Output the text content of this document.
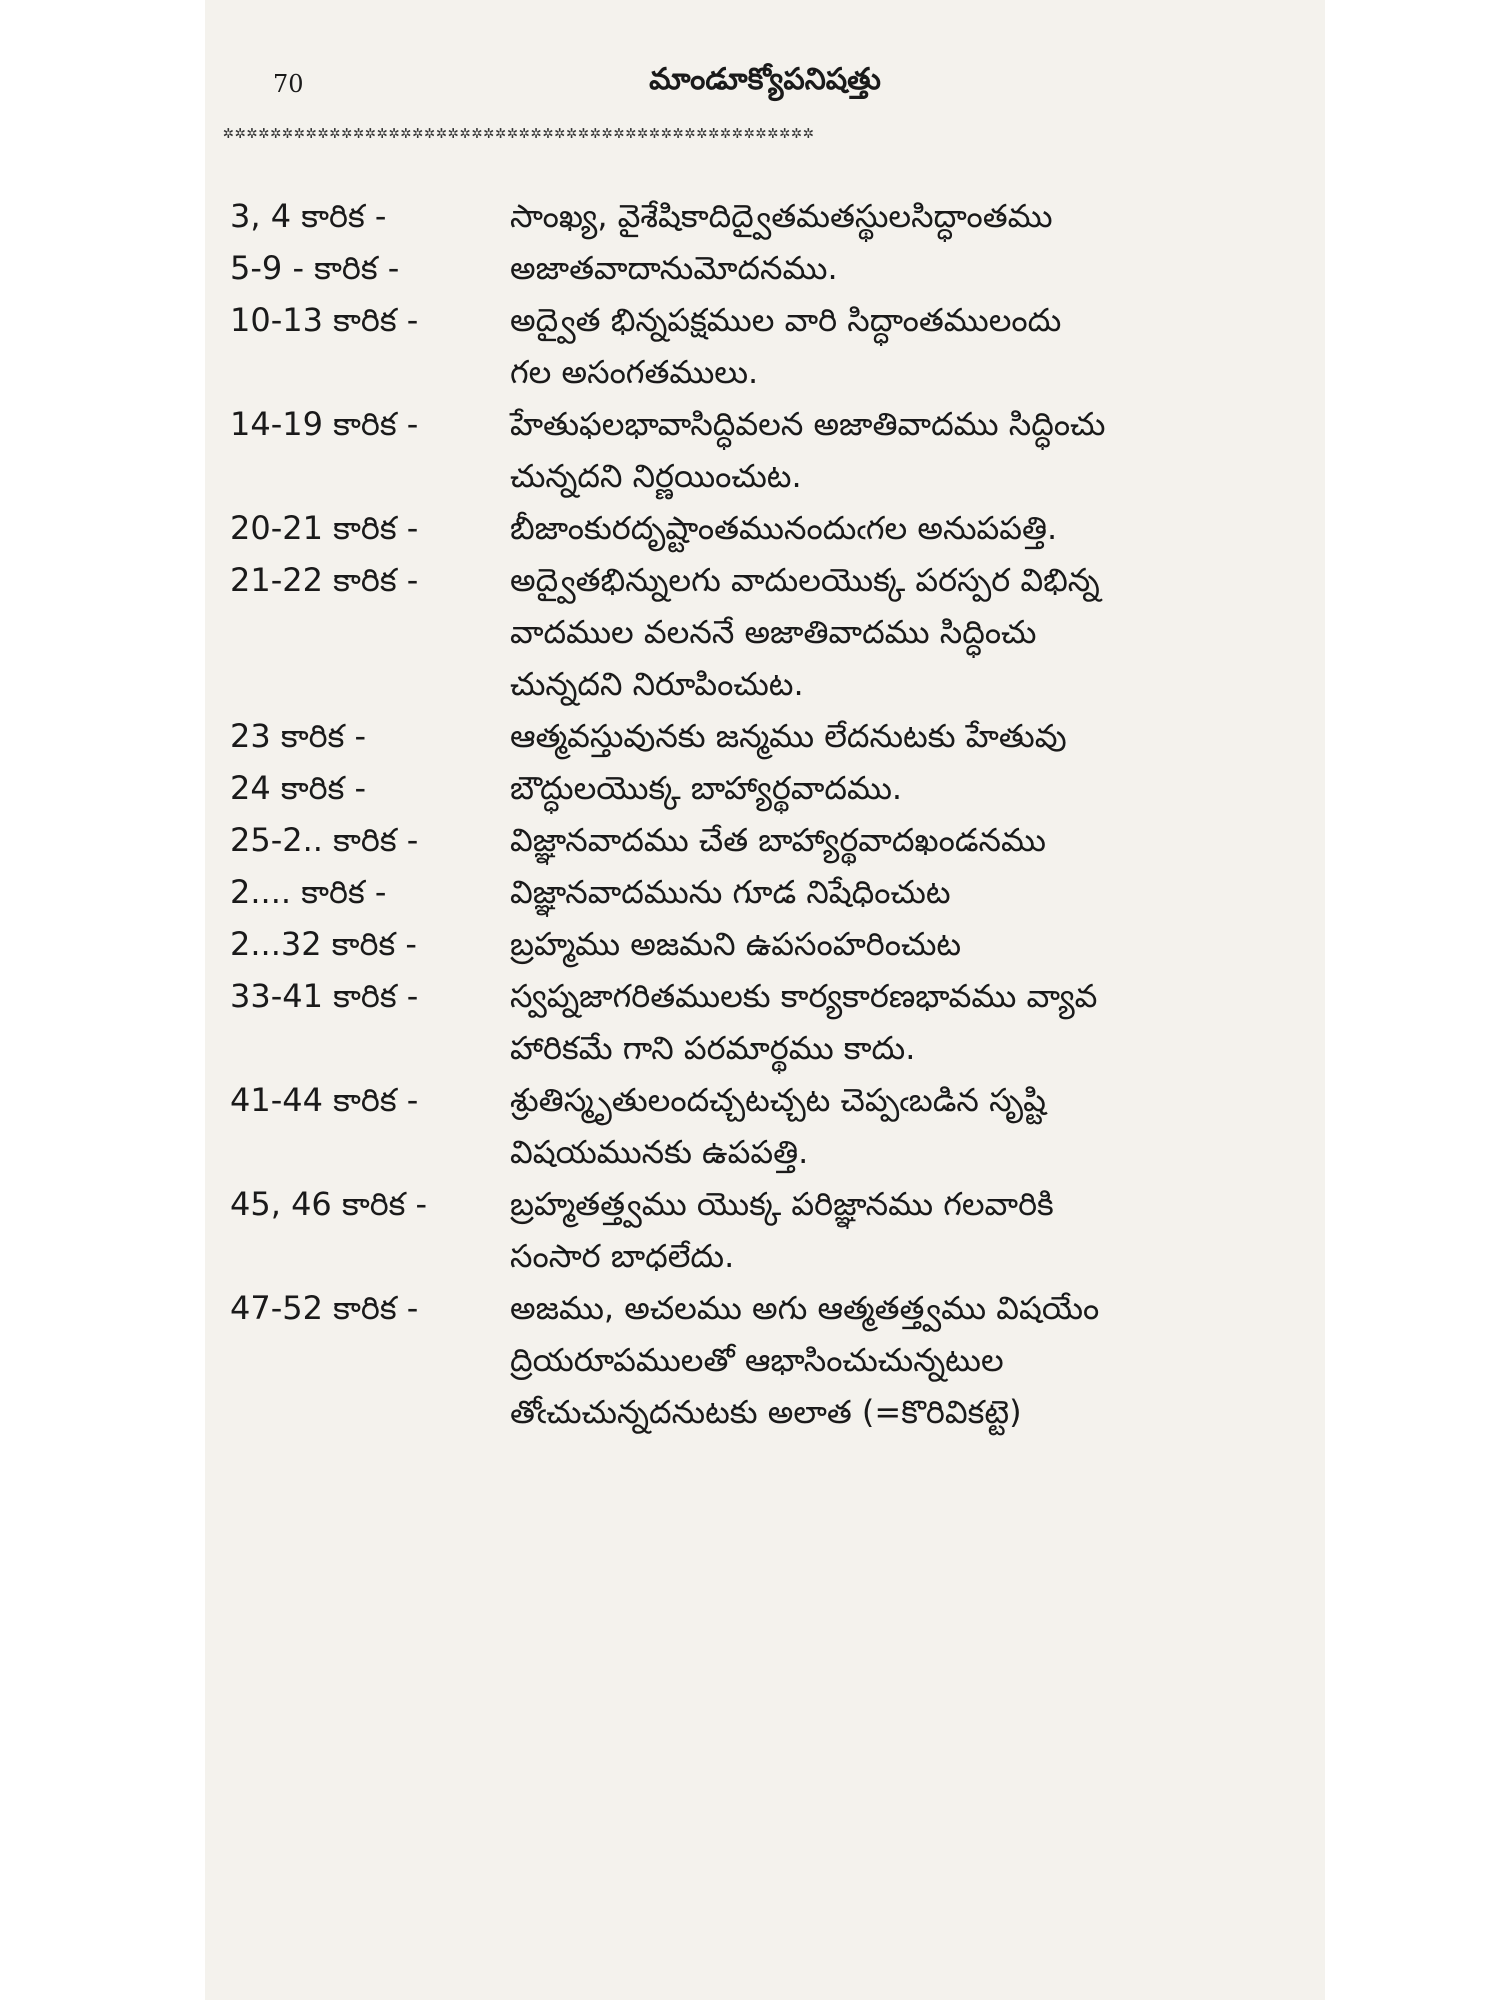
70	మాండూక్యోపనిషత్తు
✲✲✲✲✲✲✲✲✲✲✲✲✲✲✲✲✲✲✲✲✲✲✲✲✲✲✲✲✲✲✲✲✲✲✲✲✲✲✲✲✲✲✲✲✲✲✲✲✲✲
3, 4 కారిక -	సాంఖ్య, వైశేషికాదిద్వైతమతస్థులసిద్ధాంతము
5-9 - కారిక -	అజాతవాదానుమోదనము.
10-13 కారిక -	అద్వైత భిన్నపక్షముల వారి సిద్ధాంతములందు
గల అసంగతములు.
14-19 కారిక -	హేతుఫలభావాసిద్ధివలన అజాతివాదము సిద్ధించు
చున్నదని నిర్ణయించుట.
20-21 కారిక -	బీజాంకురదృష్టాంతమునందుఁగల అనుపపత్తి.
21-22 కారిక -	అద్వైతభిన్నులగు వాదులయొక్క పరస్పర విభిన్న
వాదముల వలననే అజాతివాదము సిద్ధించు
చున్నదని నిరూపించుట.
23 కారిక -	ఆత్మవస్తువునకు జన్మము లేదనుటకు హేతువు
24 కారిక -	బౌద్ధులయొక్క బాహ్యార్థవాదము.
25-2.. కారిక -	విజ్ఞానవాదము చేత బాహ్యార్థవాదఖండనము
2.... కారిక -	విజ్ఞానవాదమును గూడ నిషేధించుట
2...32 కారిక -	బ్రహ్మము అజమని ఉపసంహరించుట
33-41 కారిక -	స్వప్నజాగరితములకు కార్యకారణభావము వ్యావ
హారికమే గాని పరమార్థము కాదు.
41-44 కారిక -	శ్రుతిస్మృతులందచ్చటచ్చట చెప్పఁబడిన సృష్టి
విషయమునకు ఉపపత్తి.
45, 46 కారిక -	బ్రహ్మతత్త్వము యొక్క పరిజ్ఞానము గలవారికి
సంసార బాధలేదు.
47-52 కారిక -	అజము, అచలము అగు ఆత్మతత్త్వము విషయేం
ద్రియరూపములతో ఆభాసించుచున్నటుల
తోఁచుచున్నదనుటకు అలాత (=కొరివికట్టె)
